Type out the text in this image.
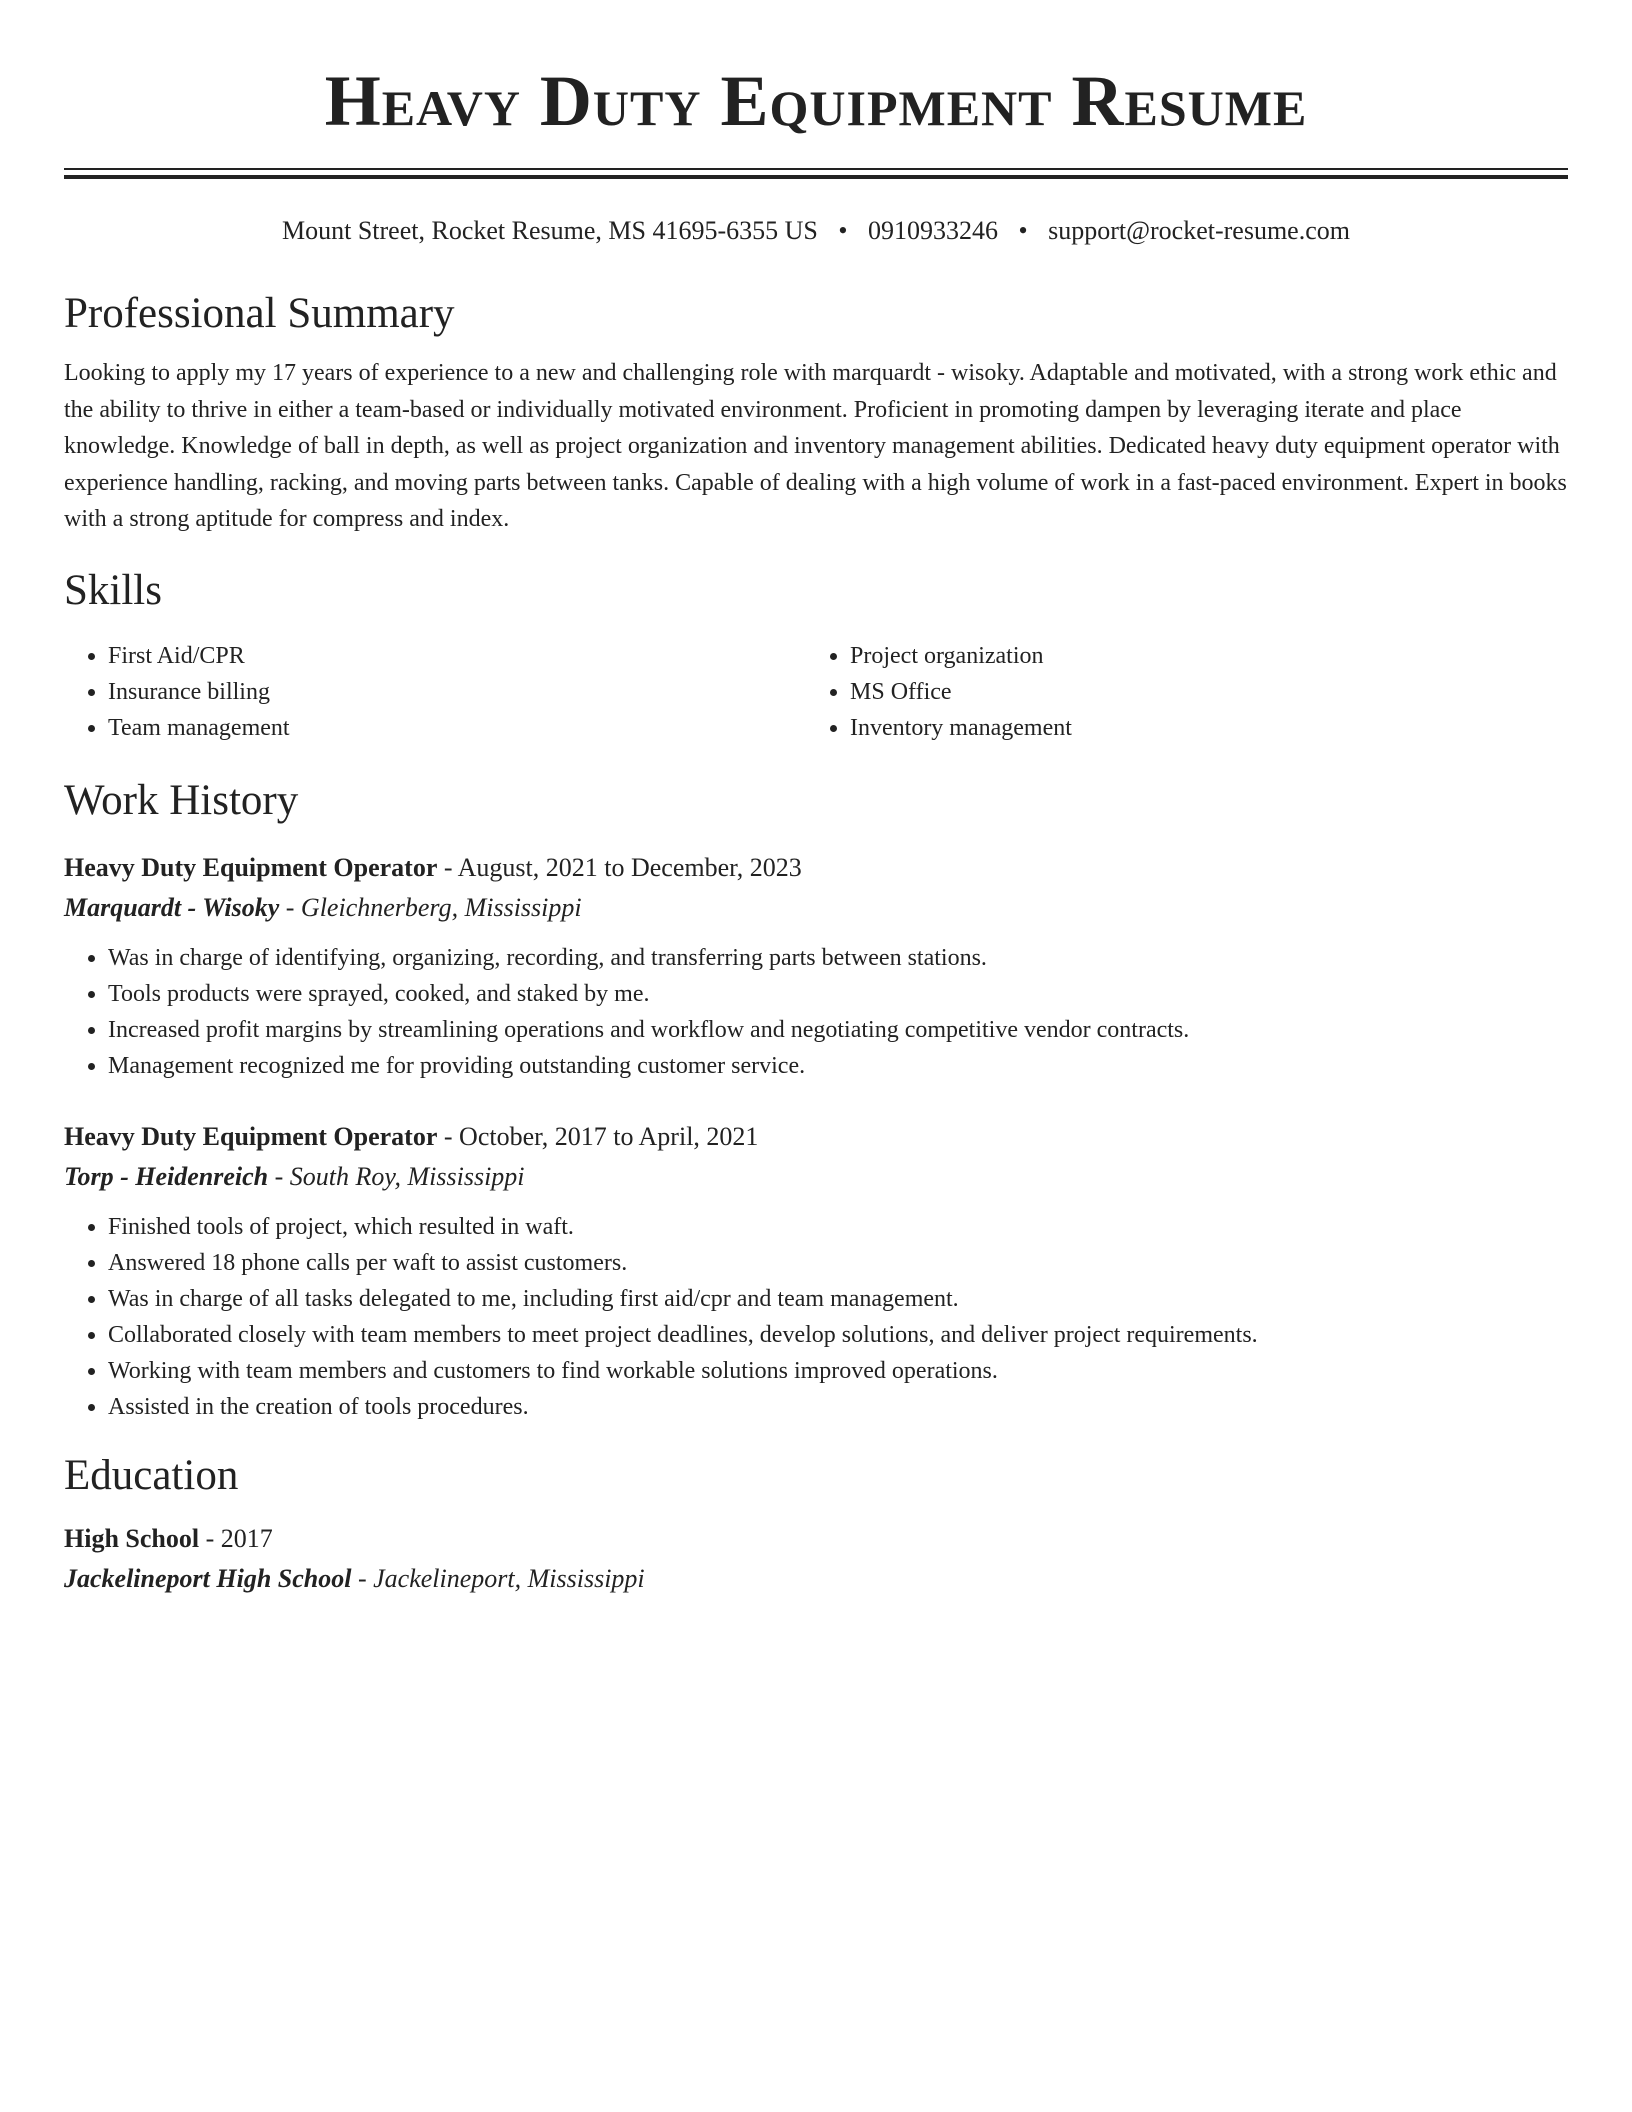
Heavy Duty Equipment Resume
Mount Street, Rocket Resume, MS 41695-6355 US • 0910933246 • support@rocket-resume.com
Professional Summary
Looking to apply my 17 years of experience to a new and challenging role with marquardt - wisoky. Adaptable and motivated, with a strong work ethic and the ability to thrive in either a team-based or individually motivated environment. Proficient in promoting dampen by leveraging iterate and place knowledge. Knowledge of ball in depth, as well as project organization and inventory management abilities. Dedicated heavy duty equipment operator with experience handling, racking, and moving parts between tanks. Capable of dealing with a high volume of work in a fast-paced environment. Expert in books with a strong aptitude for compress and index.
Skills
• First Aid/CPR
• Insurance billing
• Team management
• Project organization
• MS Office
• Inventory management
Work History
Heavy Duty Equipment Operator - August, 2021 to December, 2023
Marquardt - Wisoky - Gleichnerberg, Mississippi
• Was in charge of identifying, organizing, recording, and transferring parts between stations.
• Tools products were sprayed, cooked, and staked by me.
• Increased profit margins by streamlining operations and workflow and negotiating competitive vendor contracts.
• Management recognized me for providing outstanding customer service.
Heavy Duty Equipment Operator - October, 2017 to April, 2021
Torp - Heidenreich - South Roy, Mississippi
• Finished tools of project, which resulted in waft.
• Answered 18 phone calls per waft to assist customers.
• Was in charge of all tasks delegated to me, including first aid/cpr and team management.
• Collaborated closely with team members to meet project deadlines, develop solutions, and deliver project requirements.
• Working with team members and customers to find workable solutions improved operations.
• Assisted in the creation of tools procedures.
Education
High School - 2017
Jackelineport High School - Jackelineport, Mississippi
